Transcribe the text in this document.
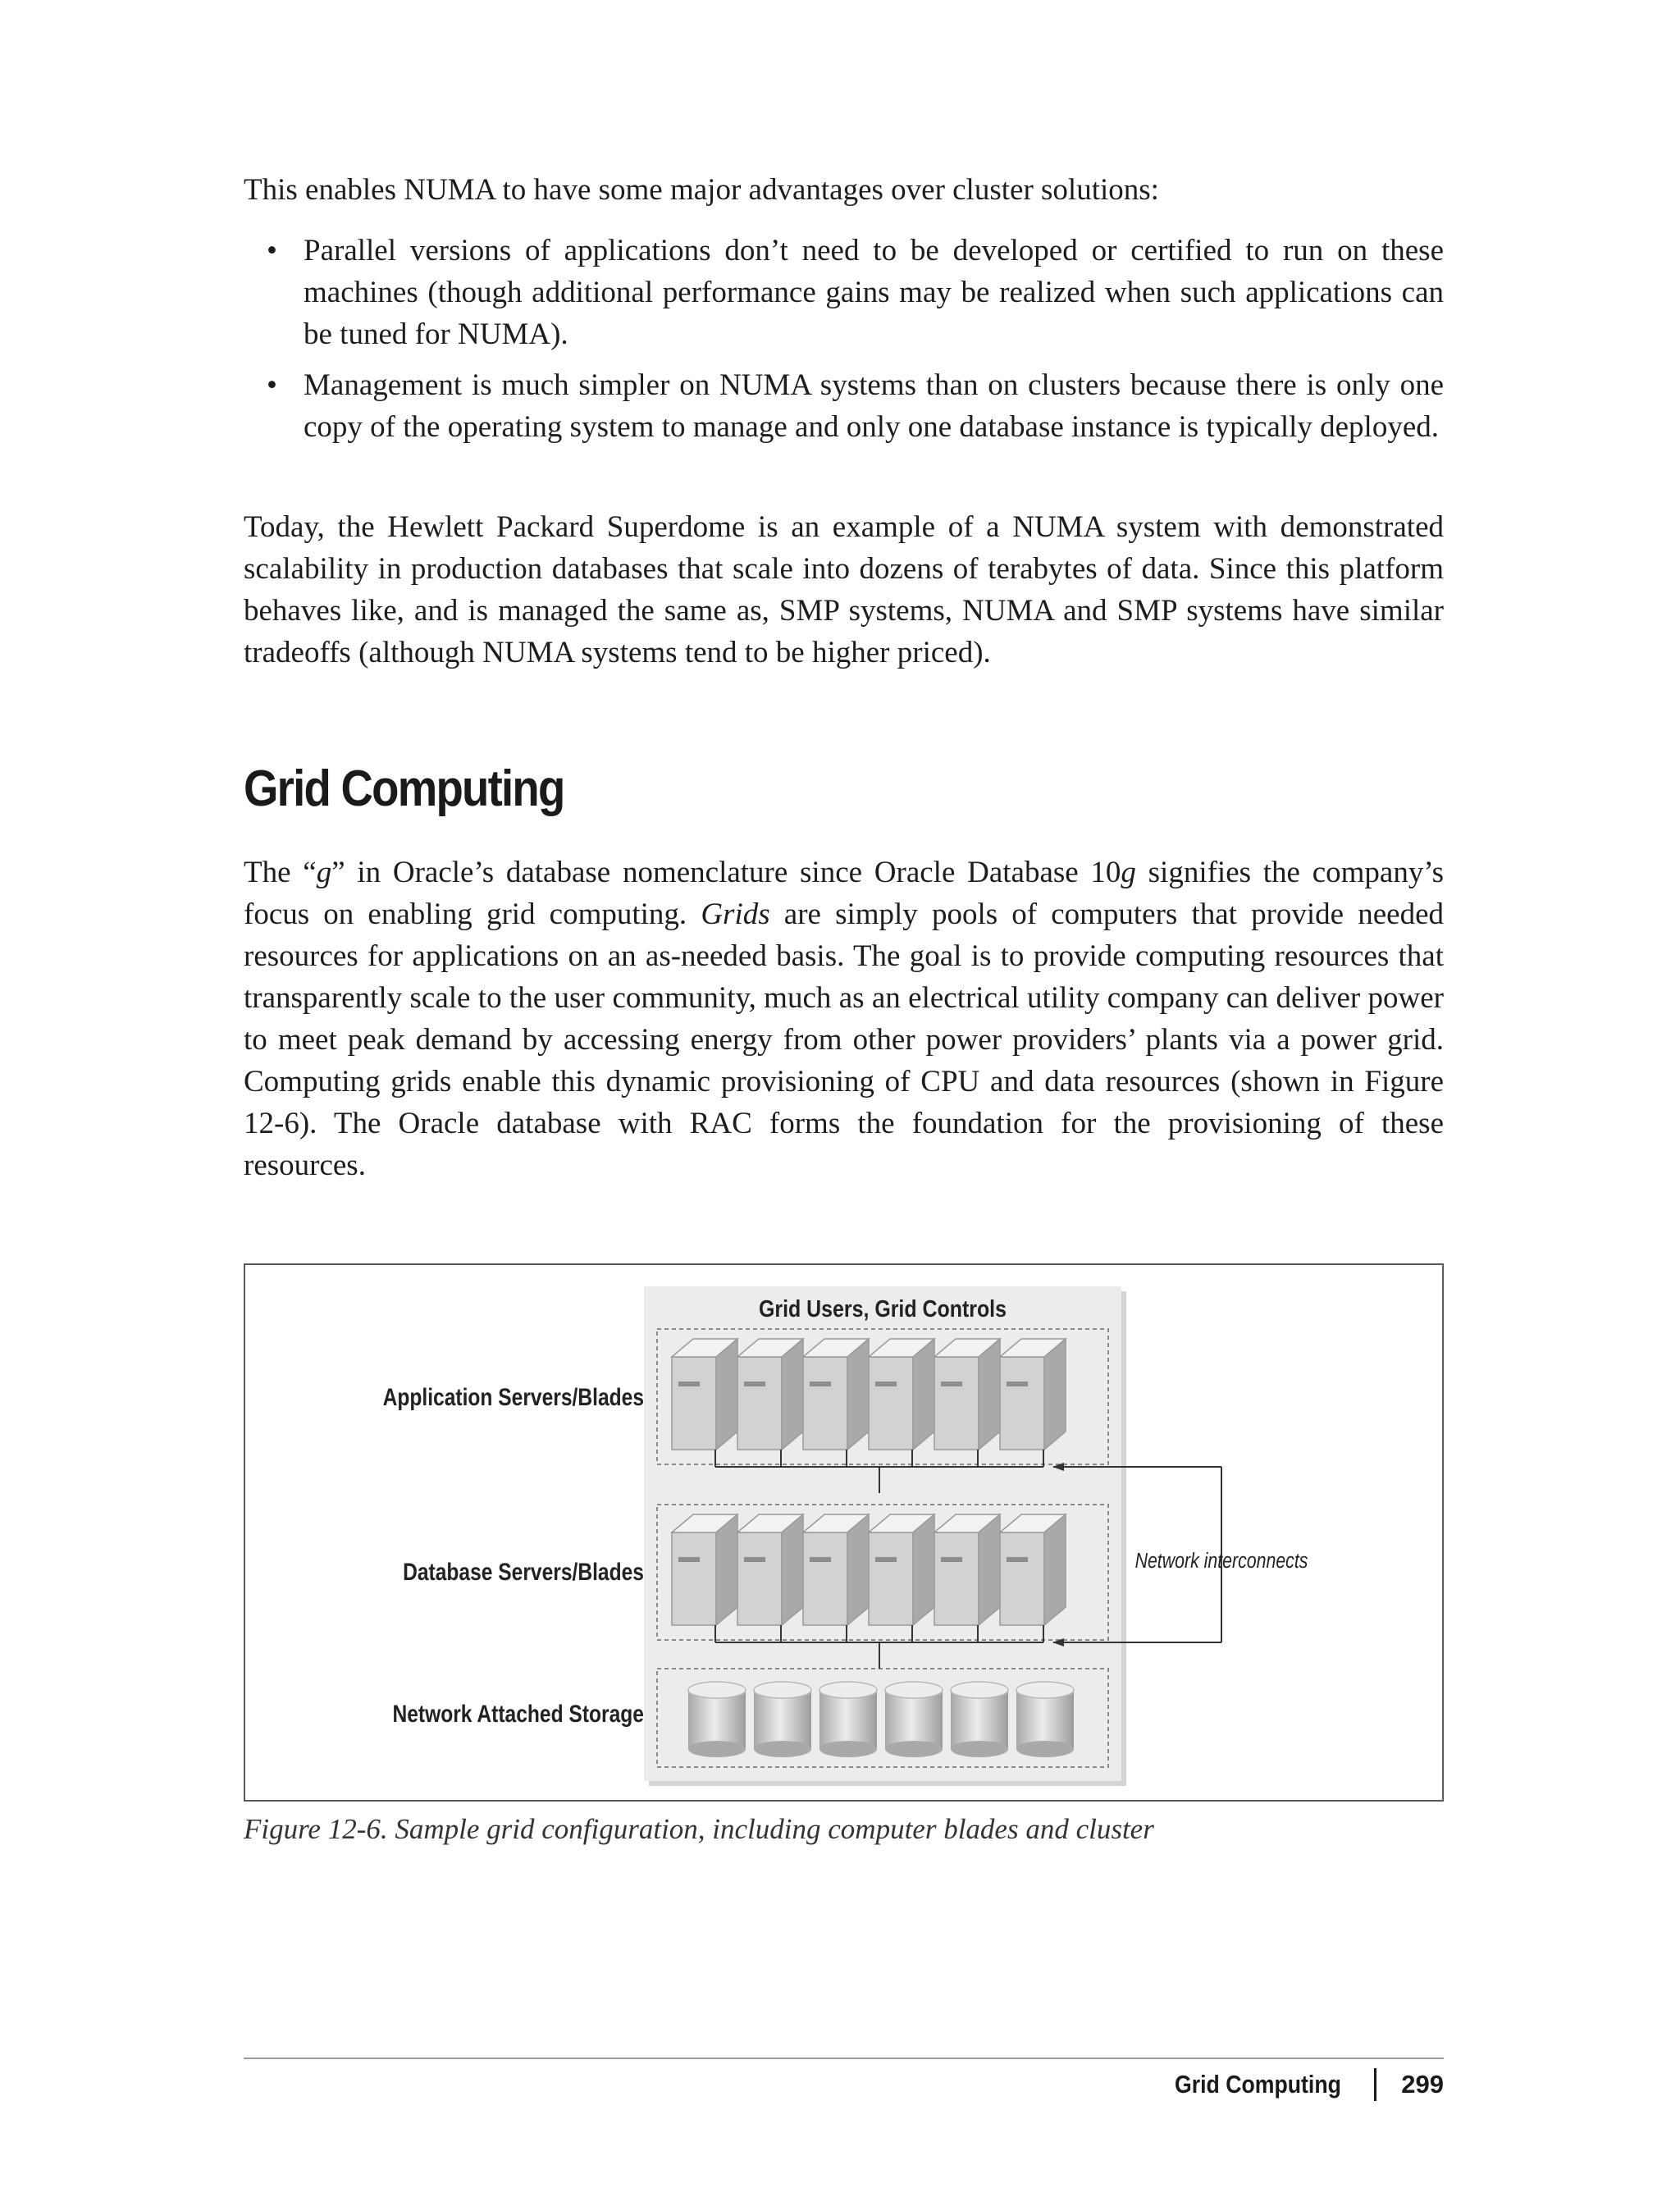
This enables NUMA to have some major advantages over cluster solutions:

• Parallel versions of applications don’t need to be developed or certified to run on these machines (though additional performance gains may be realized when such applications can be tuned for NUMA).
• Management is much simpler on NUMA systems than on clusters because there is only one copy of the operating system to manage and only one database instance is typically deployed.

Today, the Hewlett Packard Superdome is an example of a NUMA system with demonstrated scalability in production databases that scale into dozens of terabytes of data. Since this platform behaves like, and is managed the same as, SMP systems, NUMA and SMP systems have similar tradeoffs (although NUMA systems tend to be higher priced).

Grid Computing

The “g” in Oracle’s database nomenclature since Oracle Database 10g signifies the company’s focus on enabling grid computing. Grids are simply pools of computers that provide needed resources for applications on an as-needed basis. The goal is to provide computing resources that transparently scale to the user community, much as an electrical utility company can deliver power to meet peak demand by accessing energy from other power providers’ plants via a power grid. Computing grids enable this dynamic provisioning of CPU and data resources (shown in Figure 12-6). The Oracle database with RAC forms the foundation for the provisioning of these resources.

Grid Users, Grid Controls
Network interconnects
Application Servers/Blades
Database Servers/Blades
Network Attached Storage

Figure 12-6. Sample grid configuration, including computer blades and cluster

Grid Computing 299
